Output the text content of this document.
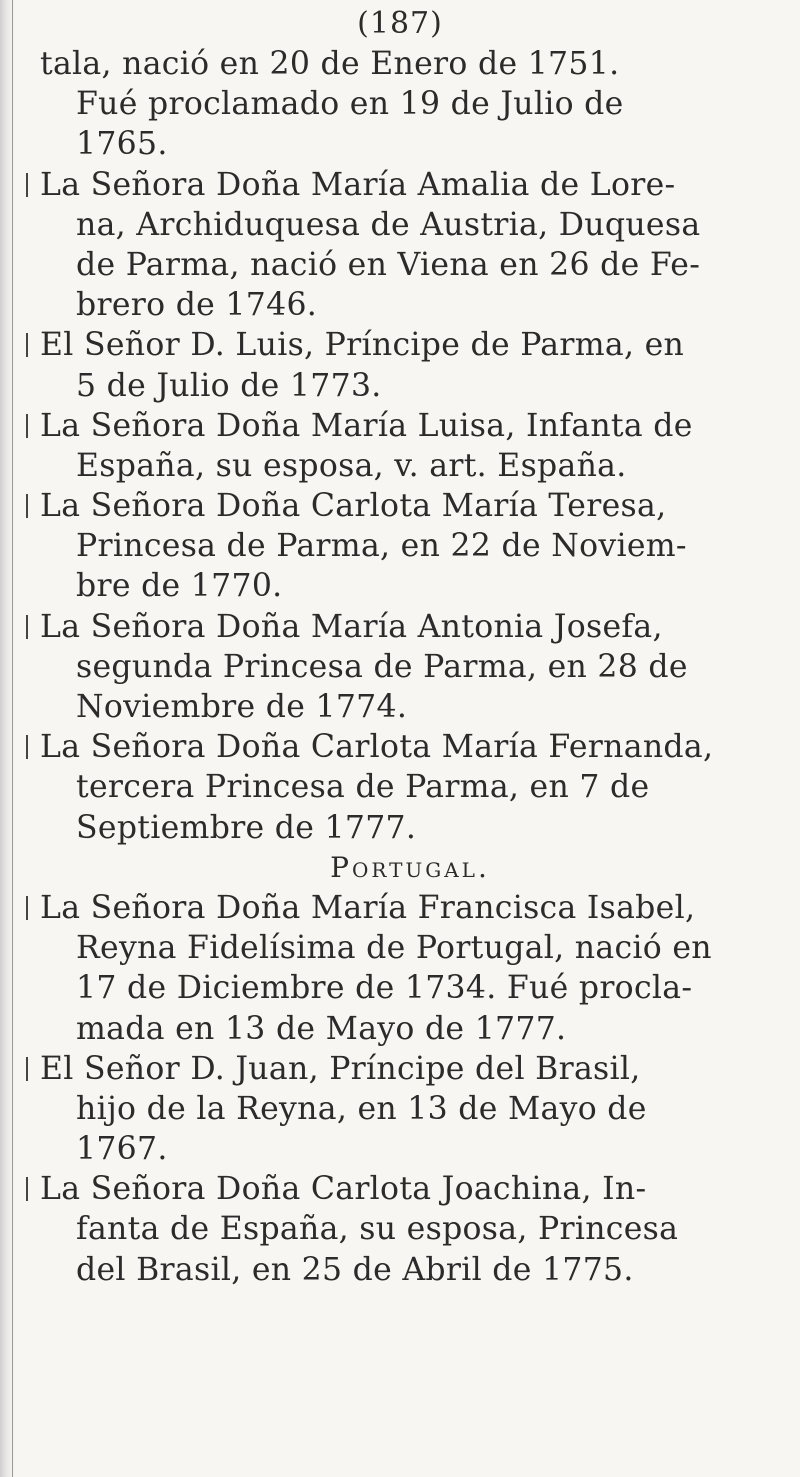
(187)
tala, nació en 20 de Enero de 1751.
Fué proclamado en 19 de Julio de
1765.
La Señora Doña María Amalia de Lore-
na, Archiduquesa de Austria, Duquesa
de Parma, nació en Viena en 26 de Fe-
brero de 1746.
El Señor D. Luis, Príncipe de Parma, en
5 de Julio de 1773.
La Señora Doña María Luisa, Infanta de
España, su esposa, v. art. España.
La Señora Doña Carlota María Teresa,
Princesa de Parma, en 22 de Noviem-
bre de 1770.
La Señora Doña María Antonia Josefa,
segunda Princesa de Parma, en 28 de
Noviembre de 1774.
La Señora Doña Carlota María Fernanda,
tercera Princesa de Parma, en 7 de
Septiembre de 1777.
Portugal.
La Señora Doña María Francisca Isabel,
Reyna Fidelísima de Portugal, nació en
17 de Diciembre de 1734. Fué procla-
mada en 13 de Mayo de 1777.
El Señor D. Juan, Príncipe del Brasil,
hijo de la Reyna, en 13 de Mayo de
1767.
La Señora Doña Carlota Joachina, In-
fanta de España, su esposa, Princesa
del Brasil, en 25 de Abril de 1775.
